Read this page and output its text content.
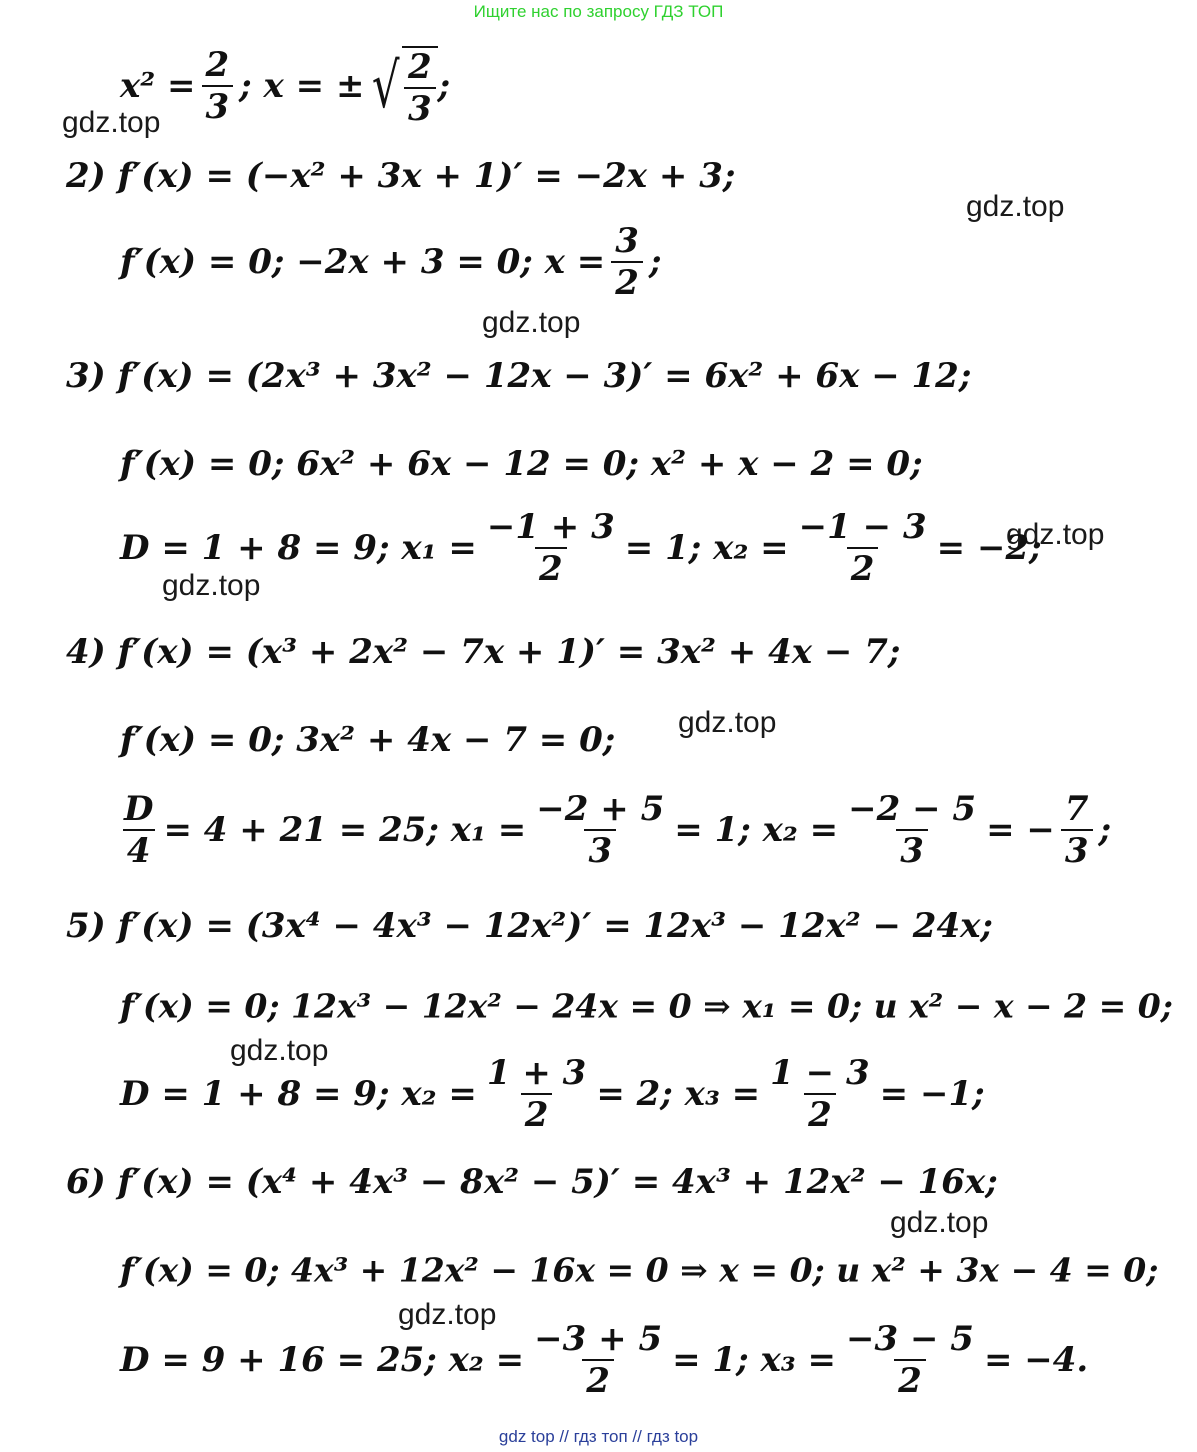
Ищите нас по запросу ГДЗ ТОП
gdz.top
gdz.top
gdz.top
gdz.top
gdz.top
gdz.top
gdz.top
gdz.top
gdz.top
$x^2 = \frac{2}{3}$ ; x = ± √ $\frac{2}{3}$ ;
2) f′(x) = (−x² + 3x + 1)′ = −2x + 3;
f′(x) = 0; −2x + 3 = 0; $x = \frac{3}{2}$ ;
3) f′(x) = (2x³ + 3x² − 12x − 3)′ = 6x² + 6x − 12;
f′(x) = 0; 6x² + 6x − 12 = 0; x² + x − 2 = 0;
D = 1 + 8 = 9; $x_1 = \frac{-1 + 3}{2} = 1$; $x_2 = \frac{-1 - 3}{2} = -2$;
4) f′(x) = (x³ + 2x² − 7x + 1)′ = 3x² + 4x − 7;
f′(x) = 0; 3x² + 4x − 7 = 0;
$\frac{D}{4} = 4 + 21 = 25$; $x_1 = \frac{-2 + 5}{3} = 1$; $x_2 = \frac{-2 - 5}{3}$ = − $\frac{7}{3}$ ;
5) f′(x) = (3x⁴ − 4x³ − 12x²)′ = 12x³ − 12x² − 24x;
f′(x) = 0; 12x³ − 12x² − 24x = 0 ⇒ x₁ = 0; и x² − x − 2 = 0;
D = 1 + 8 = 9; $x_2 = \frac{1 + 3}{2} = 2$; $x_3 = \frac{1 - 3}{2} = -1$;
6) f′(x) = (x⁴ + 4x³ − 8x² − 5)′ = 4x³ + 12x² − 16x;
f′(x) = 0; 4x³ + 12x² − 16x = 0 ⇒ x = 0; и x² + 3x − 4 = 0;
D = 9 + 16 = 25; $x_2 = \frac{-3 + 5}{2} = 1$; $x_3 = \frac{-3 - 5}{2} = -4$.
gdz top // гдз топ // гдз top
